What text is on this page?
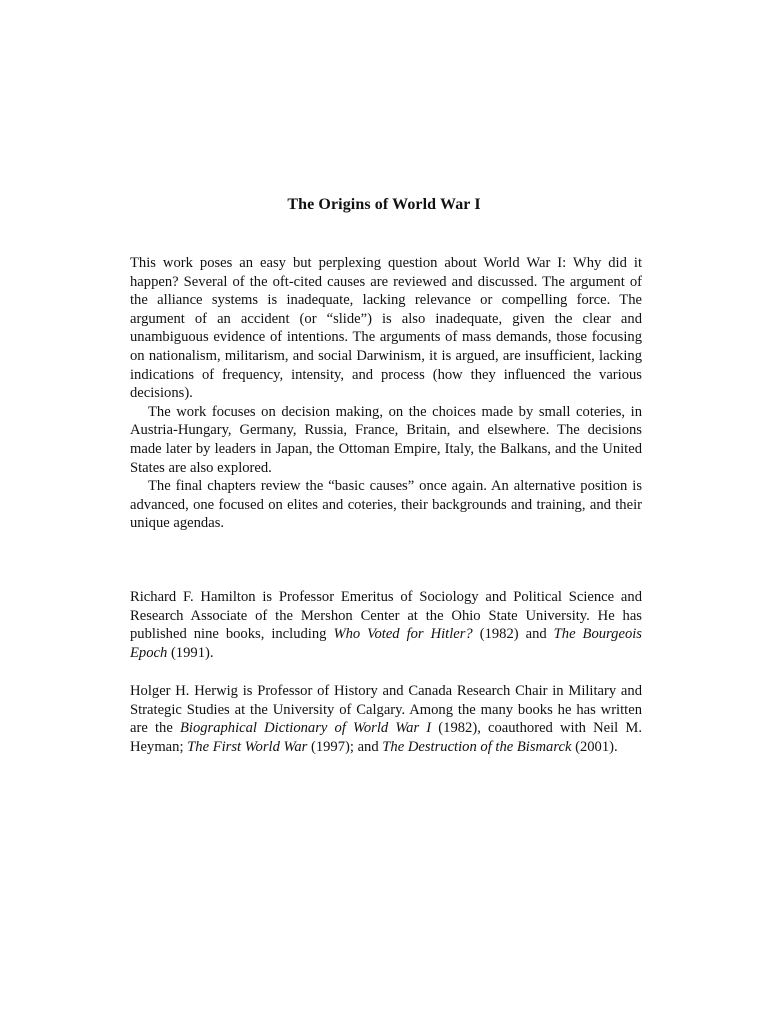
The Origins of World War I

This work poses an easy but perplexing question about World War I: Why did it happen? Several of the oft-cited causes are reviewed and discussed. The argument of the alliance systems is inadequate, lacking relevance or compelling force. The argument of an accident (or “slide”) is also inadequate, given the clear and unambiguous evidence of intentions. The arguments of mass demands, those focusing on nationalism, militarism, and social Darwinism, it is argued, are insufficient, lacking indications of frequency, intensity, and process (how they influenced the various decisions).

The work focuses on decision making, on the choices made by small coteries, in Austria-Hungary, Germany, Russia, France, Britain, and elsewhere. The decisions made later by leaders in Japan, the Ottoman Empire, Italy, the Balkans, and the United States are also explored.

The final chapters review the “basic causes” once again. An alternative position is advanced, one focused on elites and coteries, their backgrounds and training, and their unique agendas.

Richard F. Hamilton is Professor Emeritus of Sociology and Political Science and Research Associate of the Mershon Center at the Ohio State University. He has published nine books, including Who Voted for Hitler? (1982) and The Bourgeois Epoch (1991).

Holger H. Herwig is Professor of History and Canada Research Chair in Military and Strategic Studies at the University of Calgary. Among the many books he has written are the Biographical Dictionary of World War I (1982), coauthored with Neil M. Heyman; The First World War (1997); and The Destruction of the Bismarck (2001).
